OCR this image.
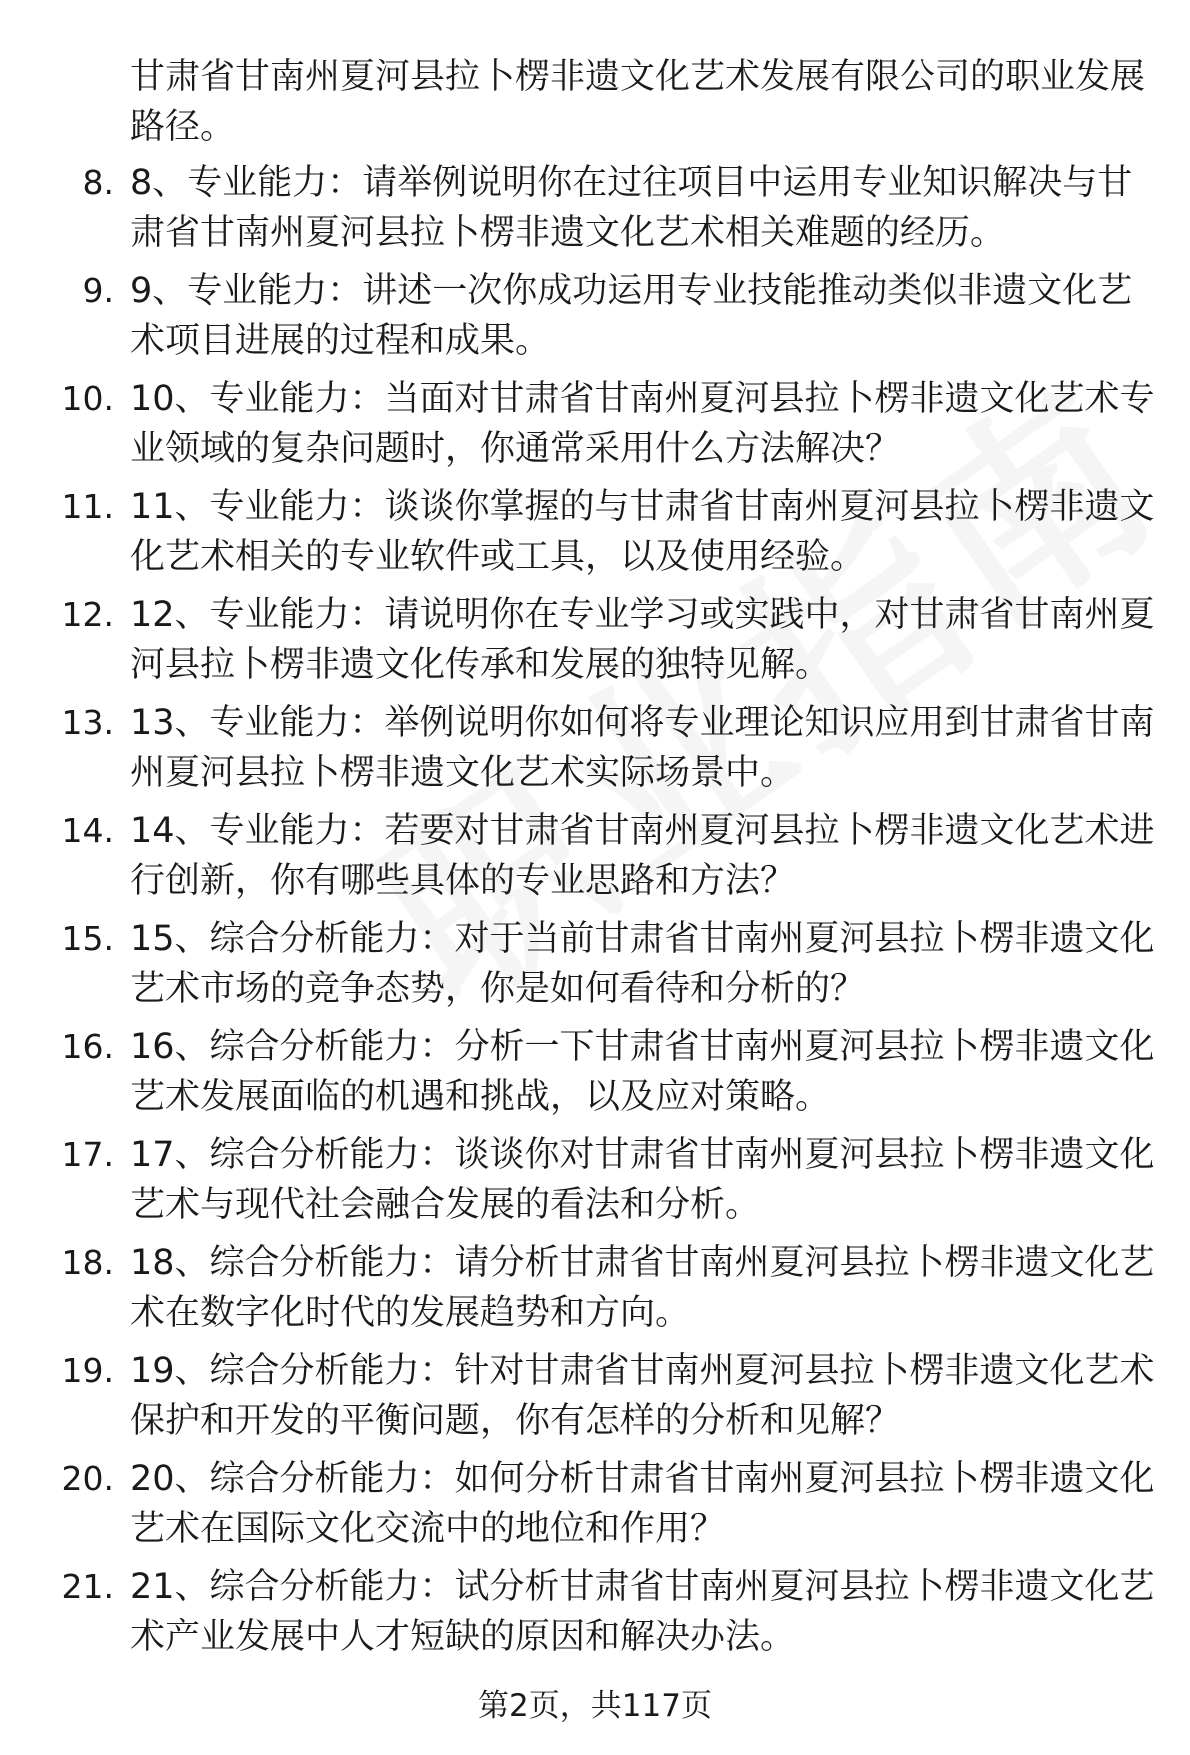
甘肃省甘南州夏河县拉卜楞非遗文化艺术发展有限公司的职业发展路径。
8. 8、专业能力：请举例说明你在过往项目中运用专业知识解决与甘肃省甘南州夏河县拉卜楞非遗文化艺术相关难题的经历。
9. 9、专业能力：讲述一次你成功运用专业技能推动类似非遗文化艺术项目进展的过程和成果。
10. 10、专业能力：当面对甘肃省甘南州夏河县拉卜楞非遗文化艺术专业领域的复杂问题时，你通常采用什么方法解决？
11. 11、专业能力：谈谈你掌握的与甘肃省甘南州夏河县拉卜楞非遗文化艺术相关的专业软件或工具，以及使用经验。
12. 12、专业能力：请说明你在专业学习或实践中，对甘肃省甘南州夏河县拉卜楞非遗文化传承和发展的独特见解。
13. 13、专业能力：举例说明你如何将专业理论知识应用到甘肃省甘南州夏河县拉卜楞非遗文化艺术实际场景中。
14. 14、专业能力：若要对甘肃省甘南州夏河县拉卜楞非遗文化艺术进行创新，你有哪些具体的专业思路和方法？
15. 15、综合分析能力：对于当前甘肃省甘南州夏河县拉卜楞非遗文化艺术市场的竞争态势，你是如何看待和分析的？
16. 16、综合分析能力：分析一下甘肃省甘南州夏河县拉卜楞非遗文化艺术发展面临的机遇和挑战，以及应对策略。
17. 17、综合分析能力：谈谈你对甘肃省甘南州夏河县拉卜楞非遗文化艺术与现代社会融合发展的看法和分析。
18. 18、综合分析能力：请分析甘肃省甘南州夏河县拉卜楞非遗文化艺术在数字化时代的发展趋势和方向。
19. 19、综合分析能力：针对甘肃省甘南州夏河县拉卜楞非遗文化艺术保护和开发的平衡问题，你有怎样的分析和见解？
20. 20、综合分析能力：如何分析甘肃省甘南州夏河县拉卜楞非遗文化艺术在国际文化交流中的地位和作用？
21. 21、综合分析能力：试分析甘肃省甘南州夏河县拉卜楞非遗文化艺术产业发展中人才短缺的原因和解决办法。
第2页，共117页
